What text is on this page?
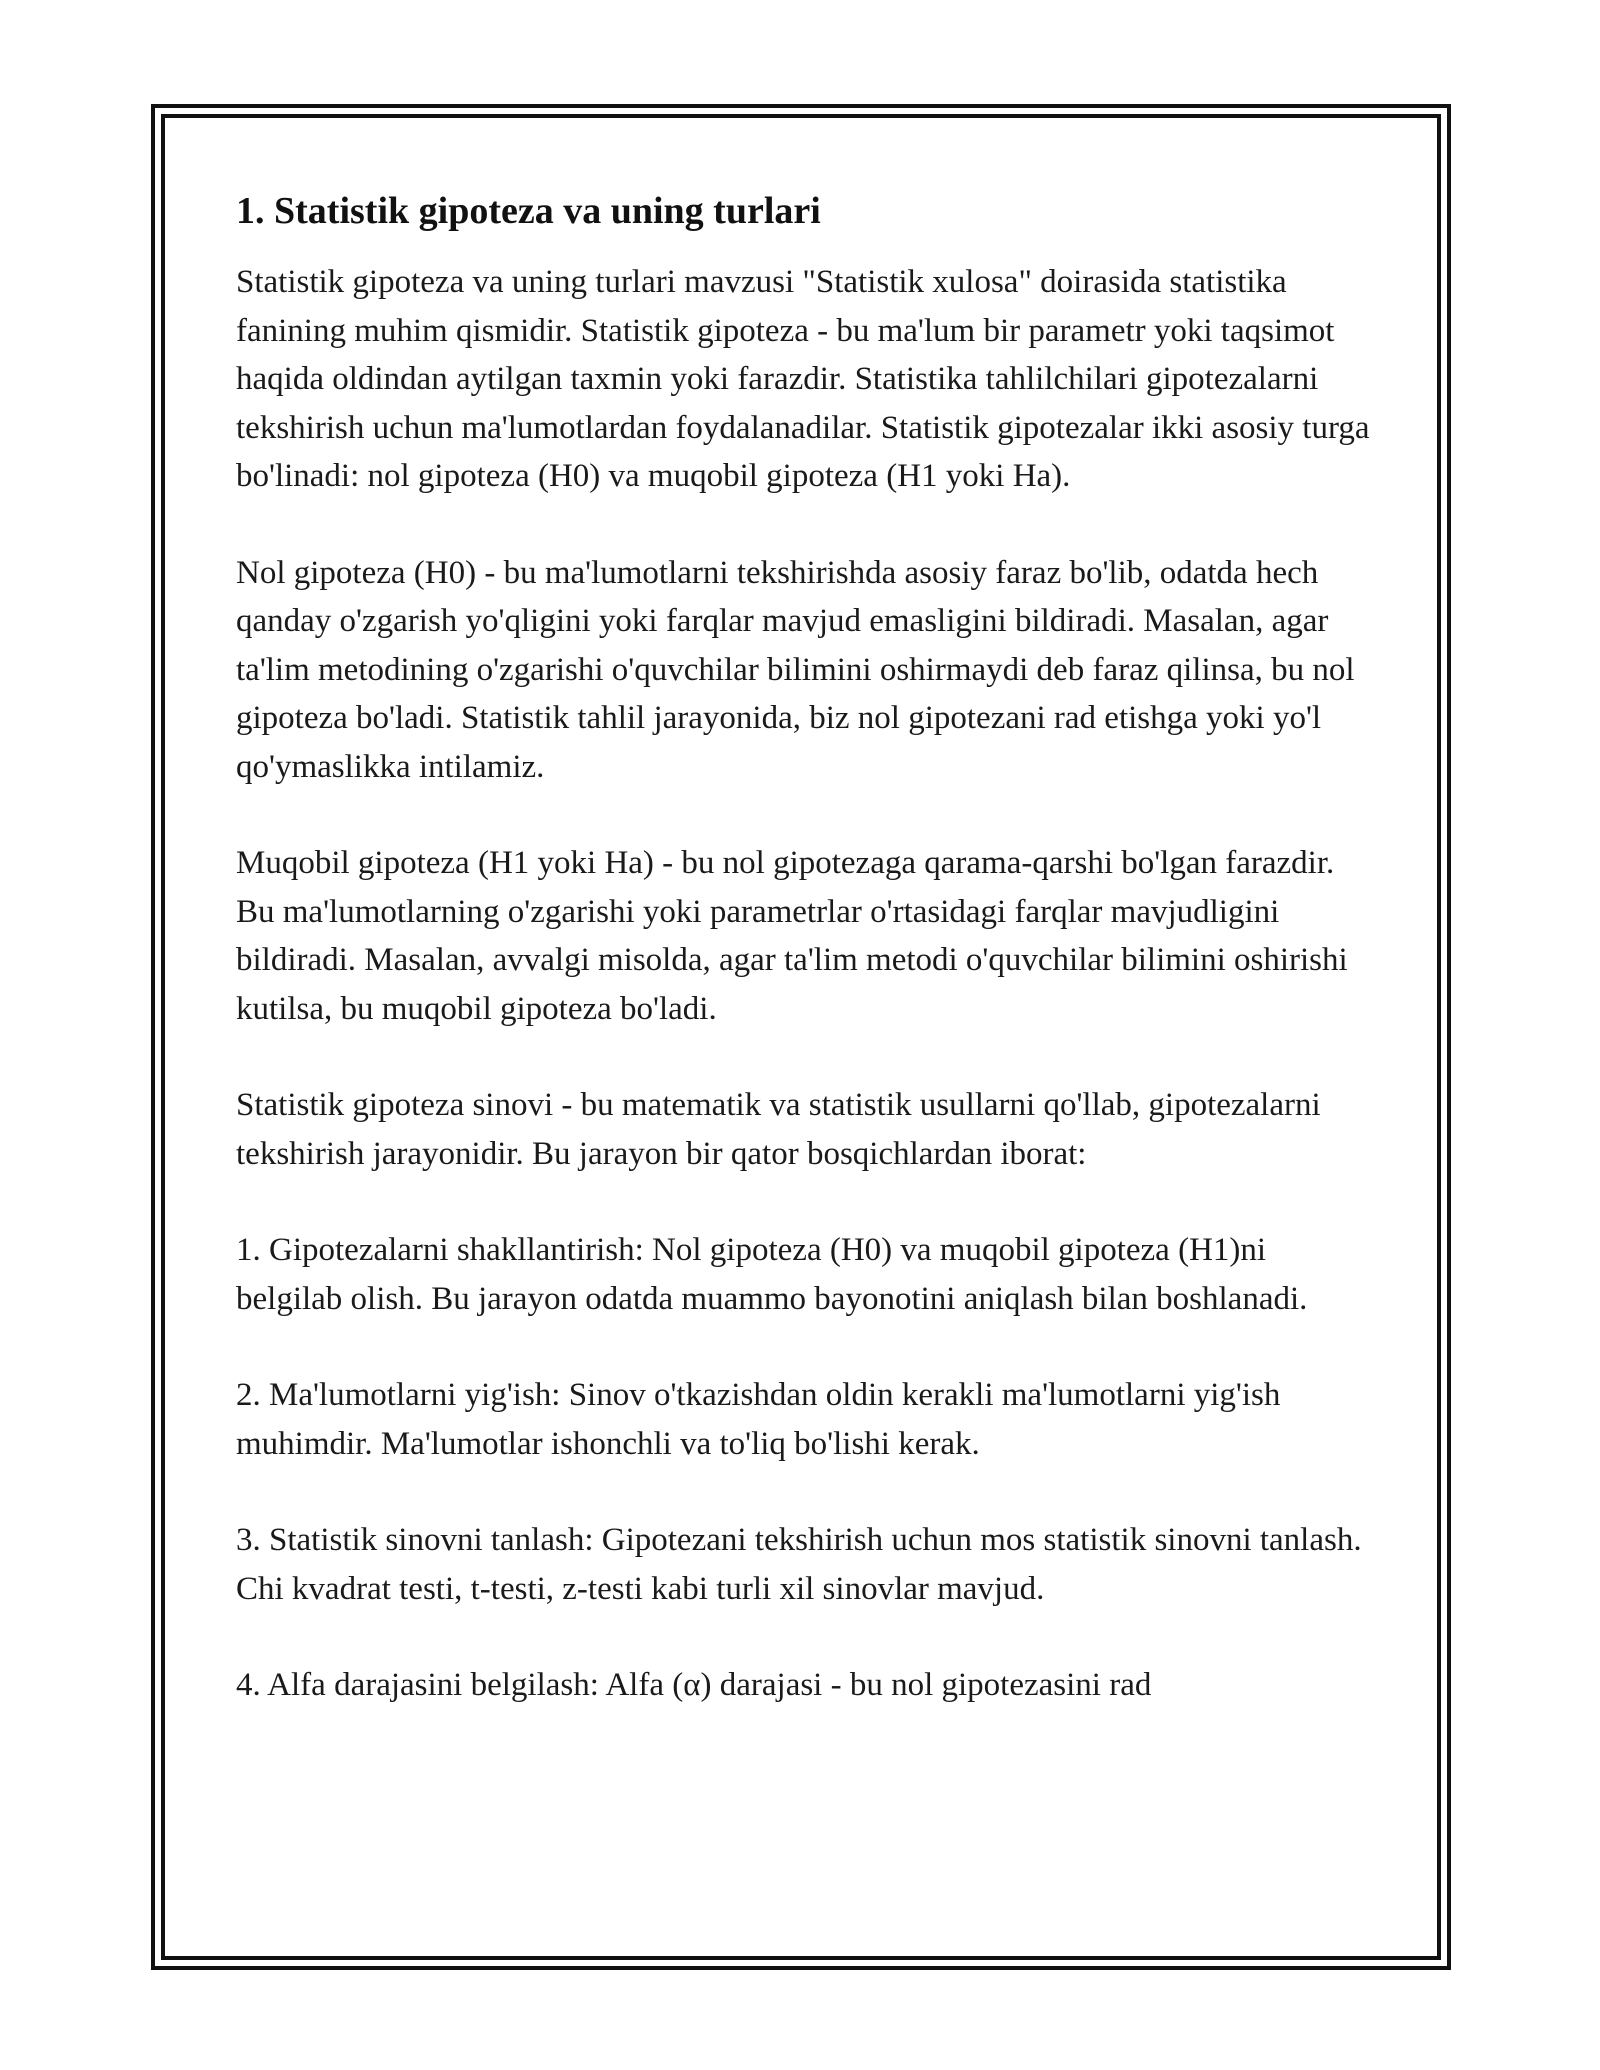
1. Statistik gipoteza va uning turlari

Statistik gipoteza va uning turlari mavzusi "Statistik xulosa" doirasida statistika fanining muhim qismidir. Statistik gipoteza - bu ma'lum bir parametr yoki taqsimot haqida oldindan aytilgan taxmin yoki farazdir. Statistika tahlilchilari gipotezalarni tekshirish uchun ma'lumotlardan foydalanadilar. Statistik gipotezalar ikki asosiy turga bo'linadi: nol gipoteza (H0) va muqobil gipoteza (H1 yoki Ha).

Nol gipoteza (H0) - bu ma'lumotlarni tekshirishda asosiy faraz bo'lib, odatda hech qanday o'zgarish yo'qligini yoki farqlar mavjud emasligini bildiradi. Masalan, agar ta'lim metodining o'zgarishi o'quvchilar bilimini oshirmaydi deb faraz qilinsa, bu nol gipoteza bo'ladi. Statistik tahlil jarayonida, biz nol gipotezani rad etishga yoki yo'l qo'ymaslikka intilamiz.

Muqobil gipoteza (H1 yoki Ha) - bu nol gipotezaga qarama-qarshi bo'lgan farazdir. Bu ma'lumotlarning o'zgarishi yoki parametrlar o'rtasidagi farqlar mavjudligini bildiradi. Masalan, avvalgi misolda, agar ta'lim metodi o'quvchilar bilimini oshirishi kutilsa, bu muqobil gipoteza bo'ladi.

Statistik gipoteza sinovi - bu matematik va statistik usullarni qo'llab, gipotezalarni tekshirish jarayonidir. Bu jarayon bir qator bosqichlardan iborat:

1. Gipotezalarni shakllantirish: Nol gipoteza (H0) va muqobil gipoteza (H1)ni belgilab olish. Bu jarayon odatda muammo bayonotini aniqlash bilan boshlanadi.

2. Ma'lumotlarni yig'ish: Sinov o'tkazishdan oldin kerakli ma'lumotlarni yig'ish muhimdir. Ma'lumotlar ishonchli va to'liq bo'lishi kerak.

3. Statistik sinovni tanlash: Gipotezani tekshirish uchun mos statistik sinovni tanlash. Chi kvadrat testi, t-testi, z-testi kabi turli xil sinovlar mavjud.

4. Alfa darajasini belgilash: Alfa (α) darajasi - bu nol gipotezasini rad
